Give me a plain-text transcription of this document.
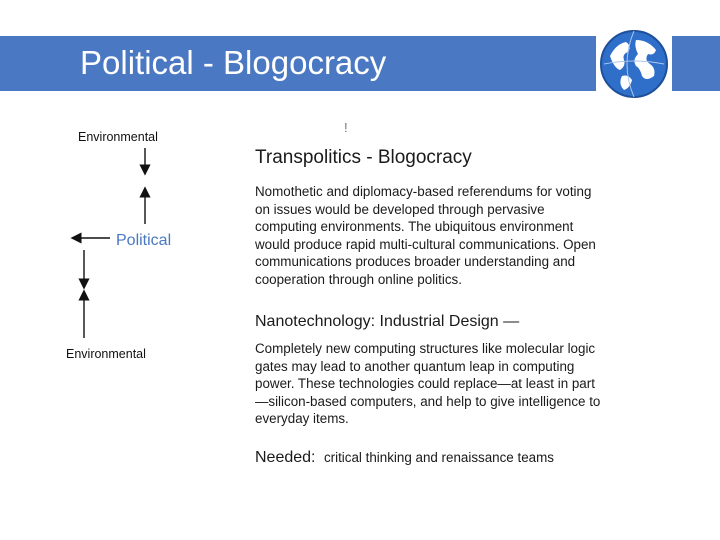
Political - Blogocracy
Environmental
Political
Environmental
!
Transpolitics - Blogocracy
Nomothetic and diplomacy-based referendums for voting
on issues would be developed through pervasive
computing environments. The ubiquitous environment
would produce rapid multi-cultural communications. Open
communications produces broader understanding and
cooperation through online politics.
Nanotechnology: Industrial Design —
Completely new computing structures like molecular logic
gates may lead to another quantum leap in computing
power. These technologies could replace—at least in part
—silicon-based computers, and help to give intelligence to
everyday items.
Needed: critical thinking and renaissance teams
